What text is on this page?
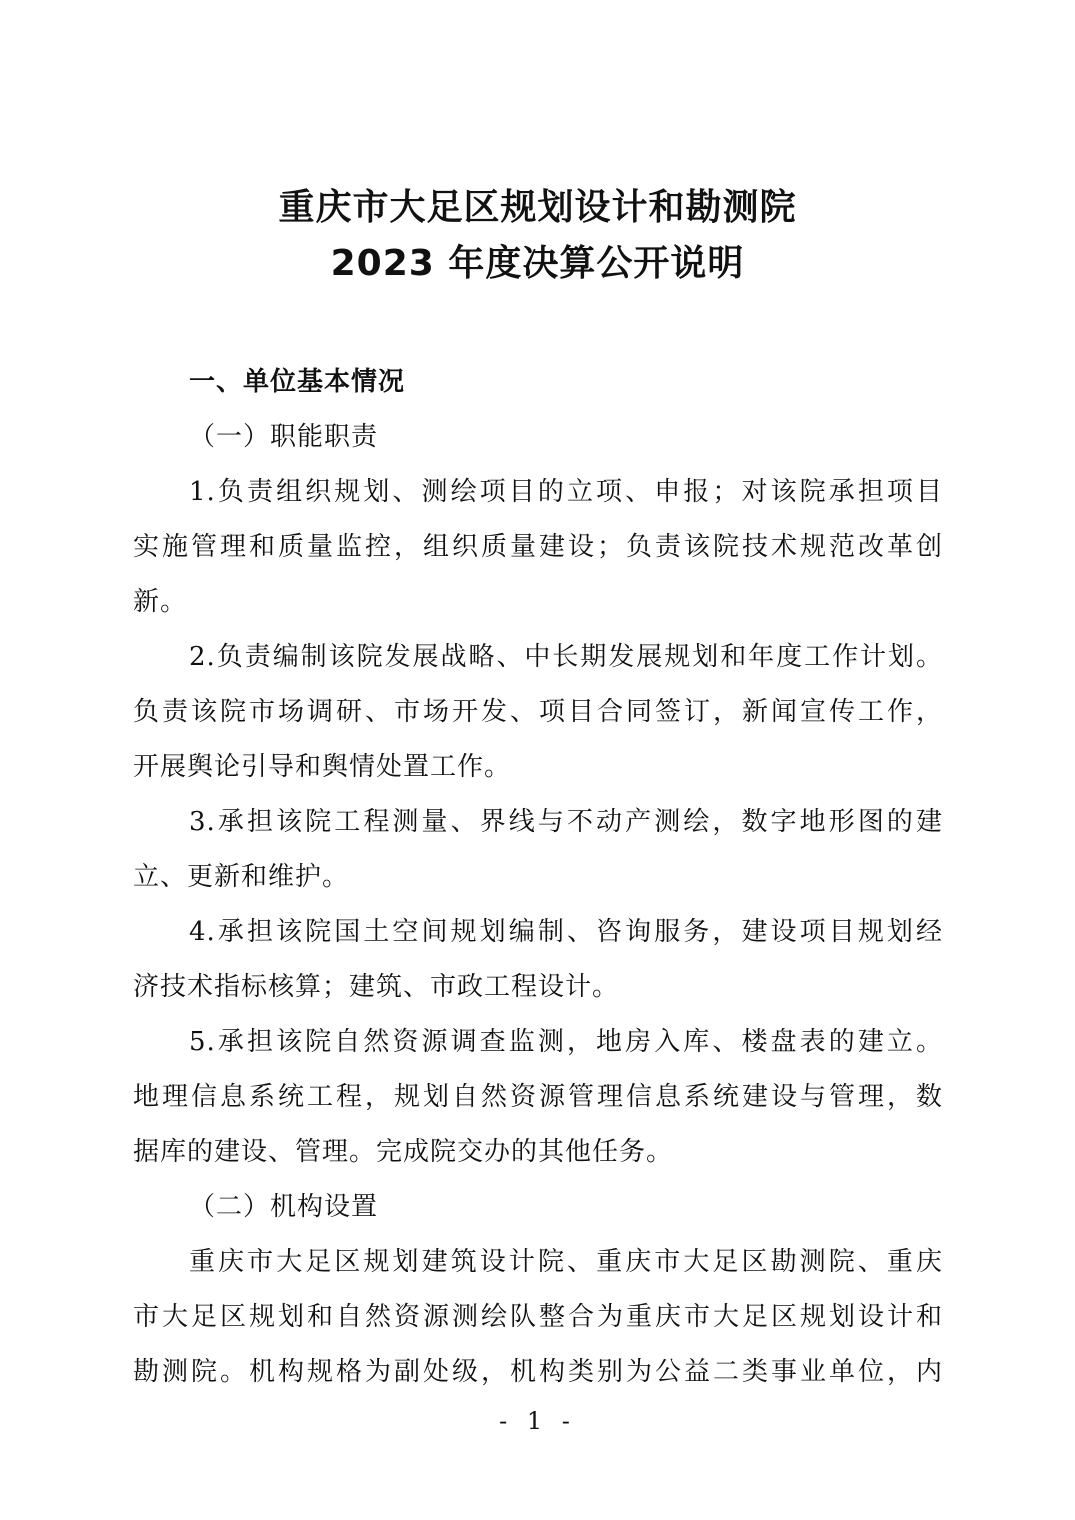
重庆市大足区规划设计和勘测院
2023 年度决算公开说明
一、单位基本情况
（一）职能职责
1.负责组织规划、测绘项目的立项、申报；对该院承担项目
实施管理和质量监控，组织质量建设；负责该院技术规范改革创
新。
2.负责编制该院发展战略、中长期发展规划和年度工作计划。
负责该院市场调研、市场开发、项目合同签订，新闻宣传工作，
开展舆论引导和舆情处置工作。
3.承担该院工程测量、界线与不动产测绘，数字地形图的建
立、更新和维护。
4.承担该院国土空间规划编制、咨询服务，建设项目规划经
济技术指标核算；建筑、市政工程设计。
5.承担该院自然资源调查监测，地房入库、楼盘表的建立。
地理信息系统工程，规划自然资源管理信息系统建设与管理，数
据库的建设、管理。完成院交办的其他任务。
（二）机构设置
重庆市大足区规划建筑设计院、重庆市大足区勘测院、重庆
市大足区规划和自然资源测绘队整合为重庆市大足区规划设计和
勘测院。机构规格为副处级，机构类别为公益二类事业单位，内
- 1 -
